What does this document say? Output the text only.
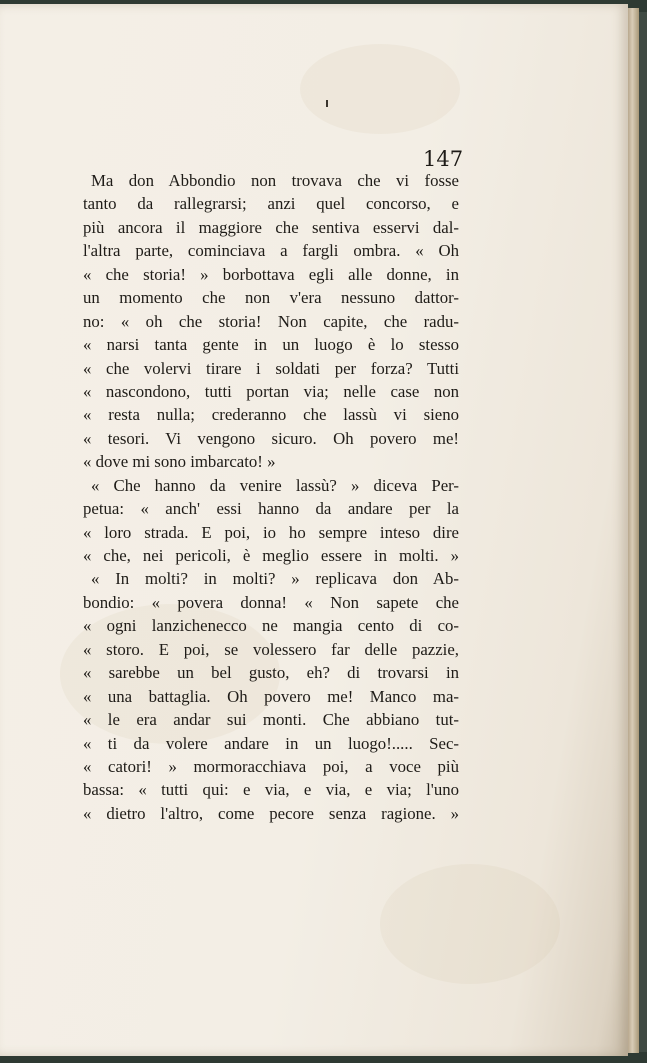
147
Ma don Abbondio non trovava che vi fosse
tanto da rallegrarsi; anzi quel concorso, e
più ancora il maggiore che sentiva esservi dal-
l'altra parte, cominciava a fargli ombra. « Oh
« che storia! » borbottava egli alle donne, in
un momento che non v'era nessuno dattor-
no: « oh che storia! Non capite, che radu-
« narsi tanta gente in un luogo è lo stesso
« che volervi tirare i soldati per forza? Tutti
« nascondono, tutti portan via; nelle case non
« resta nulla; crederanno che lassù vi sieno
« tesori. Vi vengono sicuro. Oh povero me!
« dove mi sono imbarcato! »
« Che hanno da venire lassù? » diceva Per-
petua: « anch' essi hanno da andare per la
« loro strada. E poi, io ho sempre inteso dire
« che, nei pericoli, è meglio essere in molti. »
« In molti? in molti? » replicava don Ab-
bondio: « povera donna! « Non sapete che
« ogni lanzichenecco ne mangia cento di co-
« storo. E poi, se volessero far delle pazzie,
« sarebbe un bel gusto, eh? di trovarsi in
« una battaglia. Oh povero me! Manco ma-
« le era andar sui monti. Che abbiano tut-
« ti da volere andare in un luogo!..... Sec-
« catori! » mormoracchiava poi, a voce più
bassa: « tutti qui: e via, e via, e via; l'uno
« dietro l'altro, come pecore senza ragione. »
